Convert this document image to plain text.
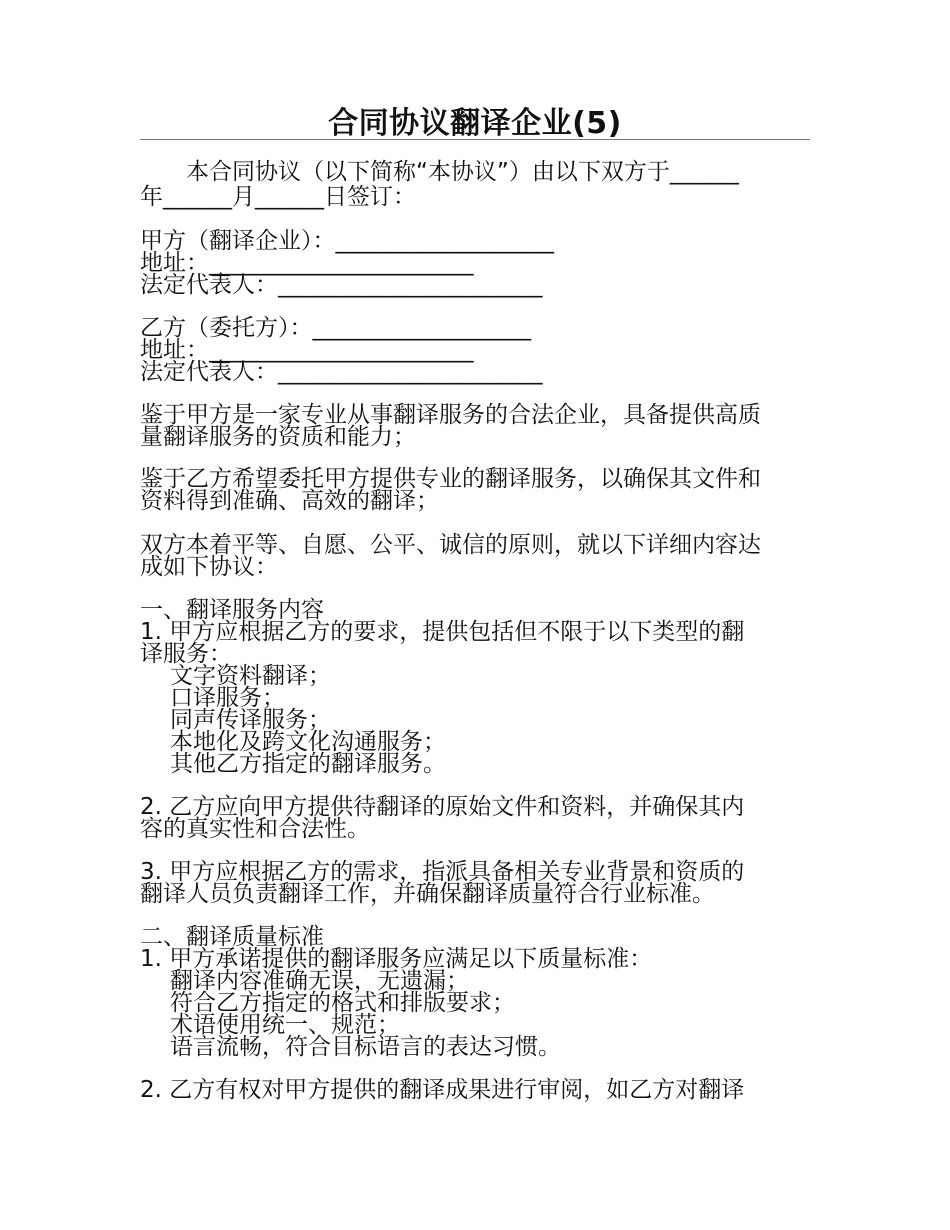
合同协议翻译企业(5)
本合同协议（以下简称“本协议”）由以下双方于______
年______月______日签订：
甲方（翻译企业）：___________________
地址：_______________________
法定代表人：_______________________
乙方（委托方）：___________________
地址：_______________________
法定代表人：_______________________
鉴于甲方是一家专业从事翻译服务的合法企业，具备提供高质
量翻译服务的资质和能力；
鉴于乙方希望委托甲方提供专业的翻译服务，以确保其文件和
资料得到准确、高效的翻译；
双方本着平等、自愿、公平、诚信的原则，就以下详细内容达
成如下协议：
一、翻译服务内容
1. 甲方应根据乙方的要求，提供包括但不限于以下类型的翻
译服务：
文字资料翻译；
口译服务；
同声传译服务；
本地化及跨文化沟通服务；
其他乙方指定的翻译服务。
2. 乙方应向甲方提供待翻译的原始文件和资料，并确保其内
容的真实性和合法性。
3. 甲方应根据乙方的需求，指派具备相关专业背景和资质的
翻译人员负责翻译工作，并确保翻译质量符合行业标准。
二、翻译质量标准
1. 甲方承诺提供的翻译服务应满足以下质量标准：
翻译内容准确无误，无遗漏；
符合乙方指定的格式和排版要求；
术语使用统一、规范；
语言流畅，符合目标语言的表达习惯。
2. 乙方有权对甲方提供的翻译成果进行审阅，如乙方对翻译
